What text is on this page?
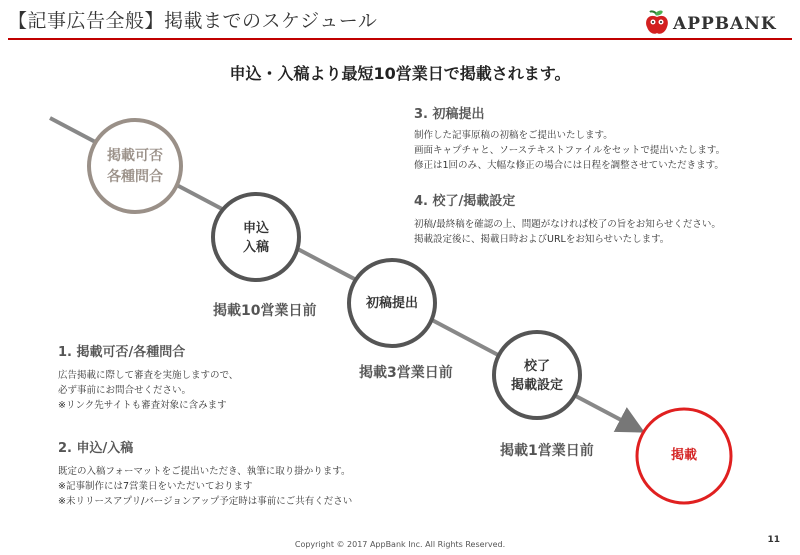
【記事広告全般】掲載までのスケジュール	APPBANK
申込・入稿より最短10営業日で掲載されます。
掲載可否
各種問合
申込
入稿
初稿提出
校了
掲載設定
掲載
掲載10営業日前
掲載3営業日前
掲載1営業日前
1. 掲載可否/各種問合
広告掲載に際して審査を実施しますので、
必ず事前にお問合せください。
※リンク先サイトも審査対象に含みます
2. 申込/入稿
既定の入稿フォーマットをご提出いただき、執筆に取り掛かります。
※記事制作には7営業日をいただいております
※未リリースアプリ/バージョンアップ予定時は事前にご共有ください
3. 初稿提出
制作した記事原稿の初稿をご提出いたします。
画面キャプチャと、ソーステキストファイルをセットで提出いたします。
修正は1回のみ、大幅な修正の場合には日程を調整させていただきます。
4. 校了/掲載設定
初稿/最終稿を確認の上、問題がなければ校了の旨をお知らせください。
掲載設定後に、掲載日時およびURLをお知らせいたします。
Copyright © 2017 AppBank Inc. All Rights Reserved.	11
